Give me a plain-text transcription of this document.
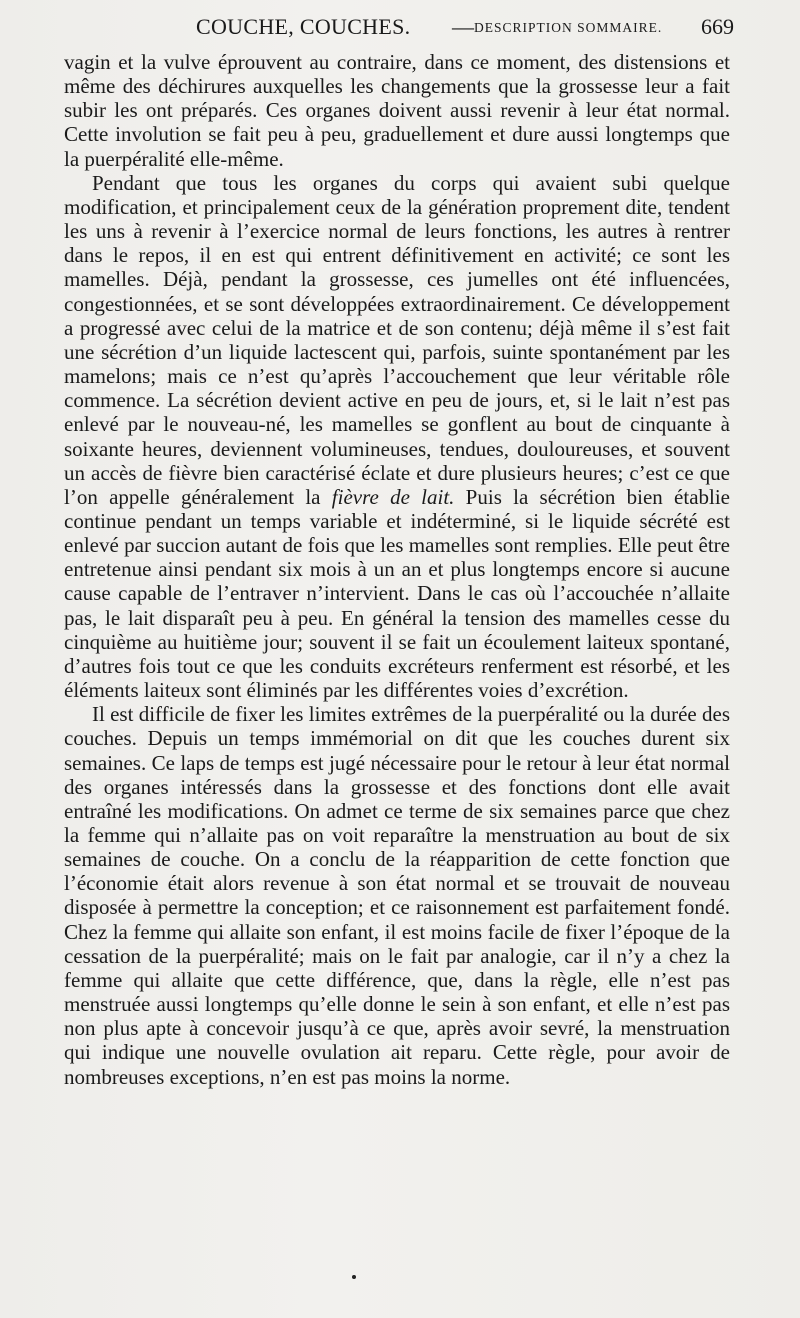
COUCHE, COUCHES. — DESCRIPTION SOMMAIRE. 669

vagin et la vulve éprouvent au contraire, dans ce moment, des distensions et même des déchirures auxquelles les changements que la grossesse leur a fait subir les ont préparés. Ces organes doivent aussi revenir à leur état normal. Cette involution se fait peu à peu, graduellement et dure aussi longtemps que la puerpéralité elle-même.

Pendant que tous les organes du corps qui avaient subi quelque modification, et principalement ceux de la génération proprement dite, tendent les uns à revenir à l’exercice normal de leurs fonctions, les autres à rentrer dans le repos, il en est qui entrent définitivement en activité; ce sont les mamelles. Déjà, pendant la grossesse, ces jumelles ont été influencées, congestionnées, et se sont développées extraordinairement. Ce développement a progressé avec celui de la matrice et de son contenu; déjà même il s’est fait une sécrétion d’un liquide lactescent qui, parfois, suinte spontanément par les mamelons; mais ce n’est qu’après l’accouchement que leur véritable rôle commence. La sécrétion devient active en peu de jours, et, si le lait n’est pas enlevé par le nouveau-né, les mamelles se gonflent au bout de cinquante à soixante heures, deviennent volumineuses, tendues, douloureuses, et souvent un accès de fièvre bien caractérisé éclate et dure plusieurs heures; c’est ce que l’on appelle généralement la fièvre de lait. Puis la sécrétion bien établie continue pendant un temps variable et indéterminé, si le liquide sécrété est enlevé par succion autant de fois que les mamelles sont remplies. Elle peut être entretenue ainsi pendant six mois à un an et plus longtemps encore si aucune cause capable de l’entraver n’intervient. Dans le cas où l’accouchée n’allaite pas, le lait disparaît peu à peu. En général la tension des mamelles cesse du cinquième au huitième jour; souvent il se fait un écoulement laiteux spontané, d’autres fois tout ce que les conduits excréteurs renferment est résorbé, et les éléments laiteux sont éliminés par les différentes voies d’excrétion.

Il est difficile de fixer les limites extrêmes de la puerpéralité ou la durée des couches. Depuis un temps immémorial on dit que les couches durent six semaines. Ce laps de temps est jugé nécessaire pour le retour à leur état normal des organes intéressés dans la grossesse et des fonctions dont elle avait entraîné les modifications. On admet ce terme de six semaines parce que chez la femme qui n’allaite pas on voit reparaître la menstruation au bout de six semaines de couche. On a conclu de la réapparition de cette fonction que l’économie était alors revenue à son état normal et se trouvait de nouveau disposée à permettre la conception; et ce raisonnement est parfaitement fondé. Chez la femme qui allaite son enfant, il est moins facile de fixer l’époque de la cessation de la puerpéralité; mais on le fait par analogie, car il n’y a chez la femme qui allaite que cette différence, que, dans la règle, elle n’est pas menstruée aussi longtemps qu’elle donne le sein à son enfant, et elle n’est pas non plus apte à concevoir jusqu’à ce que, après avoir sevré, la menstruation qui indique une nouvelle ovulation ait reparu. Cette règle, pour avoir de nombreuses exceptions, n’en est pas moins la norme.
